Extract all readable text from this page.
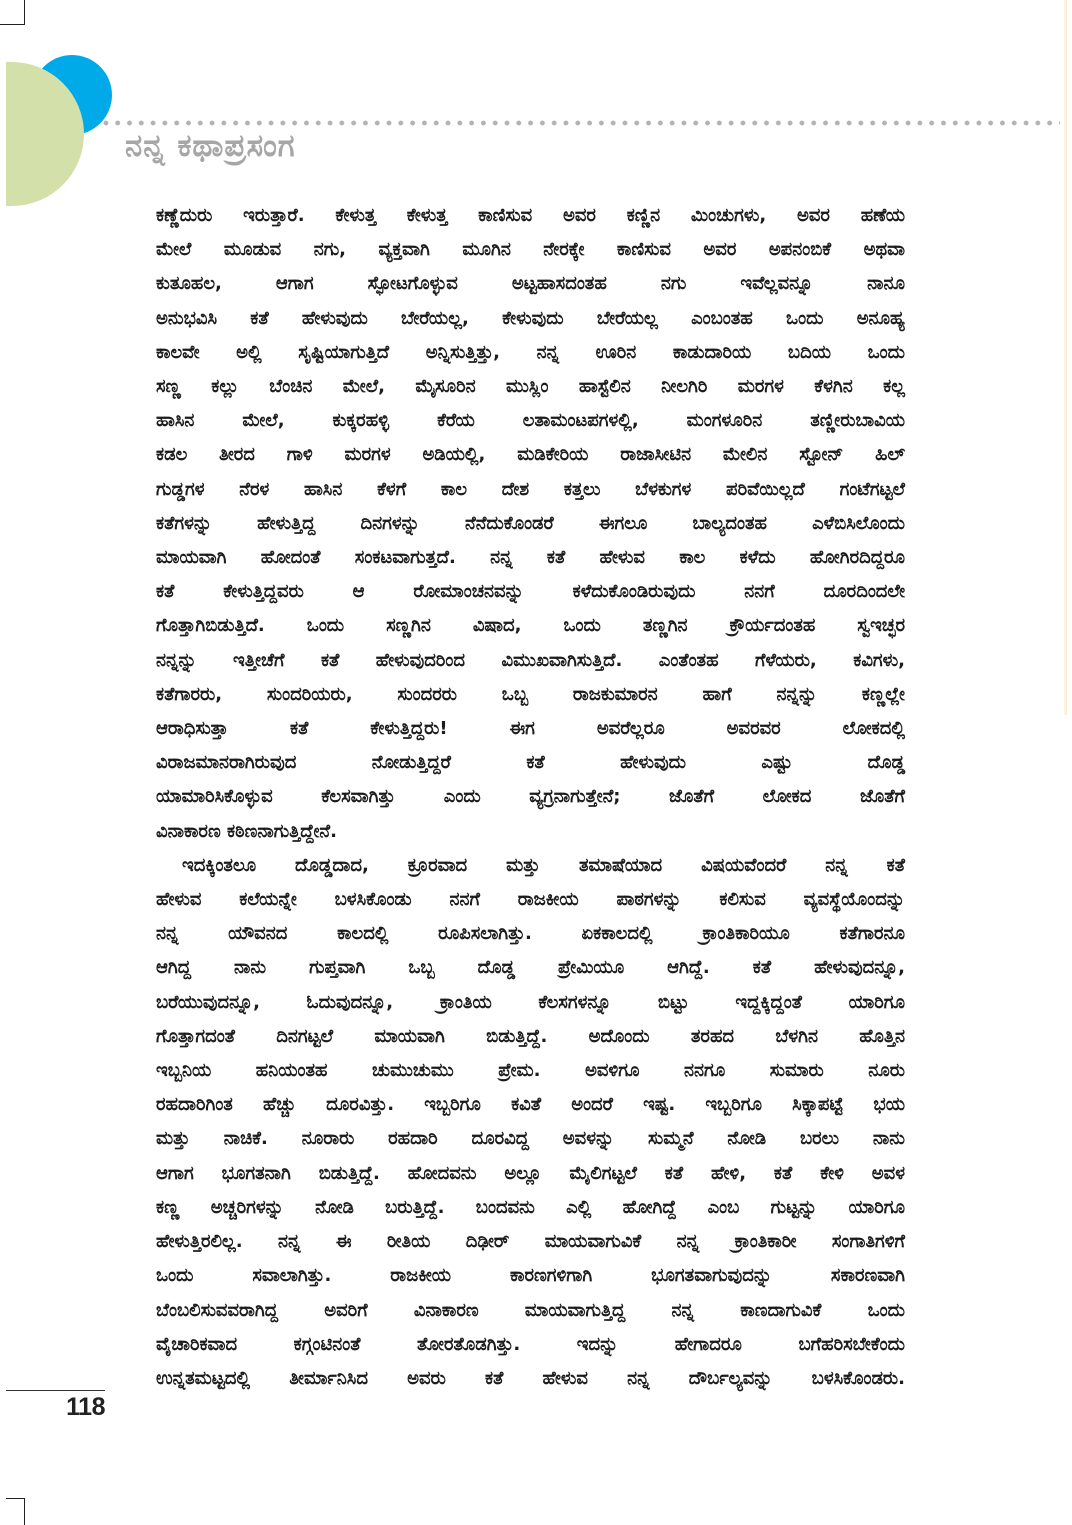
ನನ್ನ ಕಥಾಪ್ರಸಂಗ
ಕಣ್ಣೆದುರು ಇರುತ್ತಾರೆ. ಕೇಳುತ್ತ ಕೇಳುತ್ತ ಕಾಣಿಸುವ ಅವರ ಕಣ್ಣಿನ ಮಿಂಚುಗಳು, ಅವರ ಹಣೆಯ
ಮೇಲೆ ಮೂಡುವ ನಗು, ವ್ಯಕ್ತವಾಗಿ ಮೂಗಿನ ನೇರಕ್ಕೇ ಕಾಣಿಸುವ ಅವರ ಅಪನಂಬಿಕೆ ಅಥವಾ
ಕುತೂಹಲ, ಆಗಾಗ ಸ್ಫೋಟಗೊಳ್ಳುವ ಅಟ್ಟಹಾಸದಂತಹ ನಗು ಇವೆಲ್ಲವನ್ನೂ ನಾನೂ
ಅನುಭವಿಸಿ ಕತೆ ಹೇಳುವುದು ಬೇರೆಯಲ್ಲ, ಕೇಳುವುದು ಬೇರೆಯಲ್ಲ ಎಂಬಂತಹ ಒಂದು ಅನೂಹ್ಯ
ಕಾಲವೇ ಅಲ್ಲಿ ಸೃಷ್ಟಿಯಾಗುತ್ತಿದೆ ಅನ್ನಿಸುತ್ತಿತ್ತು, ನನ್ನ ಊರಿನ ಕಾಡುದಾರಿಯ ಬದಿಯ ಒಂದು
ಸಣ್ಣ ಕಲ್ಲು ಬೆಂಚಿನ ಮೇಲೆ, ಮೈಸೂರಿನ ಮುಸ್ಲಿಂ ಹಾಸ್ಟೆಲಿನ ನೀಲಗಿರಿ ಮರಗಳ ಕೆಳಗಿನ ಕಲ್ಲ
ಹಾಸಿನ ಮೇಲೆ, ಕುಕ್ಕರಹಳ್ಳಿ ಕೆರೆಯ ಲತಾಮಂಟಪಗಳಲ್ಲಿ, ಮಂಗಳೂರಿನ ತಣ್ಣೀರುಬಾವಿಯ
ಕಡಲ ತೀರದ ಗಾಳಿ ಮರಗಳ ಅಡಿಯಲ್ಲಿ, ಮಡಿಕೇರಿಯ ರಾಜಾಸೀಟಿನ ಮೇಲಿನ ಸ್ಟೋನ್ ಹಿಲ್
ಗುಡ್ಡಗಳ ನೆರಳ ಹಾಸಿನ ಕೆಳಗೆ ಕಾಲ ದೇಶ ಕತ್ತಲು ಬೆಳಕುಗಳ ಪರಿವೆಯಿಲ್ಲದೆ ಗಂಟೆಗಟ್ಟಲೆ
ಕತೆಗಳನ್ನು ಹೇಳುತ್ತಿದ್ದ ದಿನಗಳನ್ನು ನೆನೆದುಕೊಂಡರೆ ಈಗಲೂ ಬಾಲ್ಯದಂತಹ ಎಳೆಬಿಸಿಲೊಂದು
ಮಾಯವಾಗಿ ಹೋದಂತೆ ಸಂಕಟವಾಗುತ್ತದೆ. ನನ್ನ ಕತೆ ಹೇಳುವ ಕಾಲ ಕಳೆದು ಹೋಗಿರದಿದ್ದರೂ
ಕತೆ ಕೇಳುತ್ತಿದ್ದವರು ಆ ರೋಮಾಂಚನವನ್ನು ಕಳೆದುಕೊಂಡಿರುವುದು ನನಗೆ ದೂರದಿಂದಲೇ
ಗೊತ್ತಾಗಿಬಿಡುತ್ತಿದೆ. ಒಂದು ಸಣ್ಣಗಿನ ವಿಷಾದ, ಒಂದು ತಣ್ಣಗಿನ ಕ್ರೌರ್ಯದಂತಹ ಸ್ವಇಚ್ಛರ
ನನ್ನನ್ನು ಇತ್ತೀಚೆಗೆ ಕತೆ ಹೇಳುವುದರಿಂದ ವಿಮುಖವಾಗಿಸುತ್ತಿದೆ. ಎಂತೆಂತಹ ಗೆಳೆಯರು, ಕವಿಗಳು,
ಕತೆಗಾರರು, ಸುಂದರಿಯರು, ಸುಂದರರು ಒಬ್ಬ ರಾಜಕುಮಾರನ ಹಾಗೆ ನನ್ನನ್ನು ಕಣ್ಣಲ್ಲೇ
ಆರಾಧಿಸುತ್ತಾ ಕತೆ ಕೇಳುತ್ತಿದ್ದರು! ಈಗ ಅವರೆಲ್ಲರೂ ಅವರವರ ಲೋಕದಲ್ಲಿ
ವಿರಾಜಮಾನರಾಗಿರುವುದ ನೋಡುತ್ತಿದ್ದರೆ ಕತೆ ಹೇಳುವುದು ಎಷ್ಟು ದೊಡ್ಡ
ಯಾಮಾರಿಸಿಕೊಳ್ಳುವ ಕೆಲಸವಾಗಿತ್ತು ಎಂದು ವ್ಯಗ್ರನಾಗುತ್ತೇನೆ; ಜೊತೆಗೆ ಲೋಕದ ಜೊತೆಗೆ
ವಿನಾಕಾರಣ ಕಠಿಣನಾಗುತ್ತಿದ್ದೇನೆ.
ಇದಕ್ಕಿಂತಲೂ ದೊಡ್ಡದಾದ, ಕ್ರೂರವಾದ ಮತ್ತು ತಮಾಷೆಯಾದ ವಿಷಯವೆಂದರೆ ನನ್ನ ಕತೆ
ಹೇಳುವ ಕಲೆಯನ್ನೇ ಬಳಸಿಕೊಂಡು ನನಗೆ ರಾಜಕೀಯ ಪಾಠಗಳನ್ನು ಕಲಿಸುವ ವ್ಯವಸ್ಥೆಯೊಂದನ್ನು
ನನ್ನ ಯೌವನದ ಕಾಲದಲ್ಲಿ ರೂಪಿಸಲಾಗಿತ್ತು. ಏಕಕಾಲದಲ್ಲಿ ಕ್ರಾಂತಿಕಾರಿಯೂ ಕತೆಗಾರನೂ
ಆಗಿದ್ದ ನಾನು ಗುಪ್ತವಾಗಿ ಒಬ್ಬ ದೊಡ್ಡ ಪ್ರೇಮಿಯೂ ಆಗಿದ್ದೆ. ಕತೆ ಹೇಳುವುದನ್ನೂ,
ಬರೆಯುವುದನ್ನೂ, ಓದುವುದನ್ನೂ, ಕ್ರಾಂತಿಯ ಕೆಲಸಗಳನ್ನೂ ಬಿಟ್ಟು ಇದ್ದಕ್ಕಿದ್ದಂತೆ ಯಾರಿಗೂ
ಗೊತ್ತಾಗದಂತೆ ದಿನಗಟ್ಟಲೆ ಮಾಯವಾಗಿ ಬಿಡುತ್ತಿದ್ದೆ. ಅದೊಂದು ತರಹದ ಬೆಳಗಿನ ಹೊತ್ತಿನ
ಇಬ್ಬನಿಯ ಹನಿಯಂತಹ ಚುಮುಚುಮು ಪ್ರೇಮ. ಅವಳಿಗೂ ನನಗೂ ಸುಮಾರು ನೂರು
ರಹದಾರಿಗಿಂತ ಹೆಚ್ಚು ದೂರವಿತ್ತು. ಇಬ್ಬರಿಗೂ ಕವಿತೆ ಅಂದರೆ ಇಷ್ಟ. ಇಬ್ಬರಿಗೂ ಸಿಕ್ಕಾಪಟ್ಟೆ ಭಯ
ಮತ್ತು ನಾಚಿಕೆ. ನೂರಾರು ರಹದಾರಿ ದೂರವಿದ್ದ ಅವಳನ್ನು ಸುಮ್ಮನೆ ನೋಡಿ ಬರಲು ನಾನು
ಆಗಾಗ ಭೂಗತನಾಗಿ ಬಿಡುತ್ತಿದ್ದೆ. ಹೋದವನು ಅಲ್ಲೂ ಮೈಲಿಗಟ್ಟಲೆ ಕತೆ ಹೇಳಿ, ಕತೆ ಕೇಳಿ ಅವಳ
ಕಣ್ಣ ಅಚ್ಚರಿಗಳನ್ನು ನೋಡಿ ಬರುತ್ತಿದ್ದೆ. ಬಂದವನು ಎಲ್ಲಿ ಹೋಗಿದ್ದೆ ಎಂಬ ಗುಟ್ಟನ್ನು ಯಾರಿಗೂ
ಹೇಳುತ್ತಿರಲಿಲ್ಲ. ನನ್ನ ಈ ರೀತಿಯ ದಿಢೀರ್ ಮಾಯವಾಗುವಿಕೆ ನನ್ನ ಕ್ರಾಂತಿಕಾರೀ ಸಂಗಾತಿಗಳಿಗೆ
ಒಂದು ಸವಾಲಾಗಿತ್ತು. ರಾಜಕೀಯ ಕಾರಣಗಳಿಗಾಗಿ ಭೂಗತವಾಗುವುದನ್ನು ಸಕಾರಣವಾಗಿ
ಬೆಂಬಲಿಸುವವರಾಗಿದ್ದ ಅವರಿಗೆ ವಿನಾಕಾರಣ ಮಾಯವಾಗುತ್ತಿದ್ದ ನನ್ನ ಕಾಣದಾಗುವಿಕೆ ಒಂದು
ವೈಚಾರಿಕವಾದ ಕಗ್ಗಂಟಿನಂತೆ ತೋರತೊಡಗಿತ್ತು. ಇದನ್ನು ಹೇಗಾದರೂ ಬಗೆಹರಿಸಬೇಕೆಂದು
ಉನ್ನತಮಟ್ಟದಲ್ಲಿ ತೀರ್ಮಾನಿಸಿದ ಅವರು ಕತೆ ಹೇಳುವ ನನ್ನ ದೌರ್ಬಲ್ಯವನ್ನು ಬಳಸಿಕೊಂಡರು.
118
